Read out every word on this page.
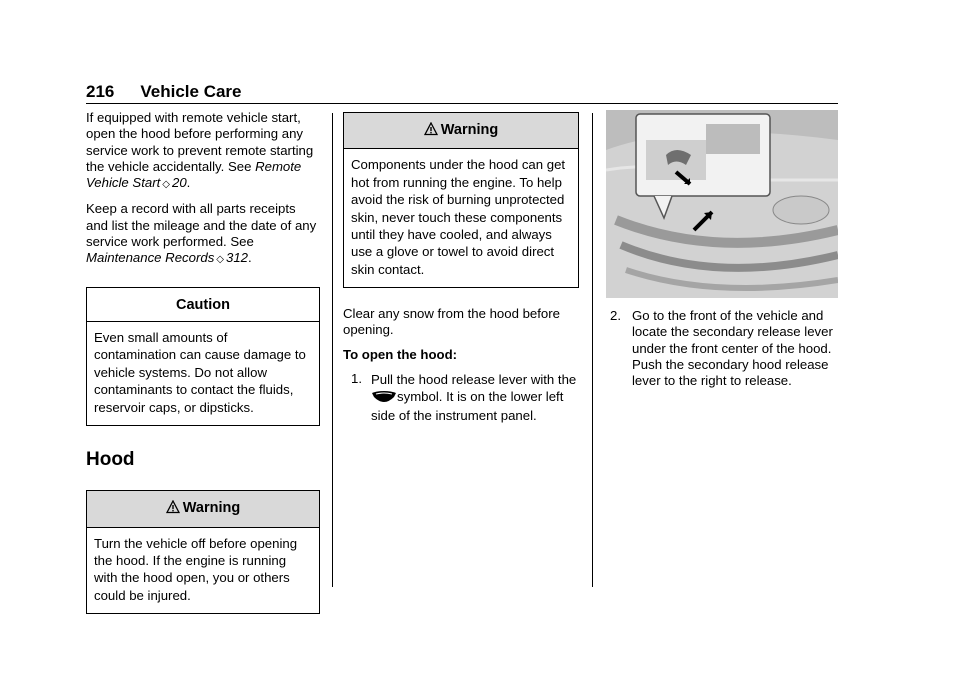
216 Vehicle Care

If equipped with remote vehicle start, open the hood before performing any service work to prevent remote starting the vehicle accidentally. See Remote Vehicle Start ◇ 20.

Keep a record with all parts receipts and list the mileage and the date of any service work performed. See Maintenance Records ◇ 312.

Caution
Even small amounts of contamination can cause damage to vehicle systems. Do not allow contaminants to contact the fluids, reservoir caps, or dipsticks.
Hood
Warning
Turn the vehicle off before opening the hood. If the engine is running with the hood open, you or others could be injured.
Warning
Components under the hood can get hot from running the engine. To help avoid the risk of burning unprotected skin, never touch these components until they have cooled, and always use a glove or towel to avoid direct skin contact.

Clear any snow from the hood before opening.

To open the hood:

1. Pull the hood release lever with the symbol. It is on the lower left side of the instrument panel.
2. Go to the front of the vehicle and locate the secondary release lever under the front center of the hood. Push the secondary hood release lever to the right to release.
